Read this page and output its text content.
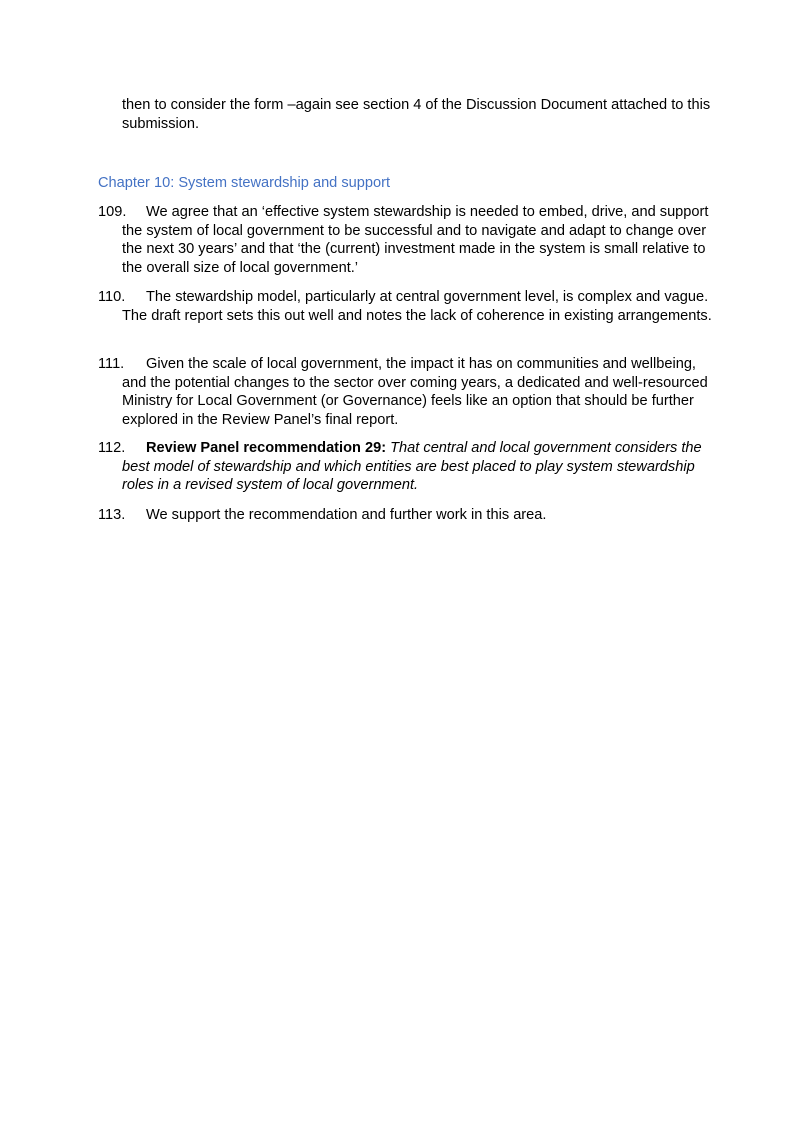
then to consider the form –again see section 4 of the Discussion Document attached to this submission.

Chapter 10: System stewardship and support
109.	We agree that an ‘effective system stewardship is needed to embed, drive, and support the system of local government to be successful and to navigate and adapt to change over the next 30 years’ and that ‘the (current) investment made in the system is small relative to the overall size of local government.’
110.	The stewardship model, particularly at central government level, is complex and vague. The draft report sets this out well and notes the lack of coherence in existing arrangements.
111.	Given the scale of local government, the impact it has on communities and wellbeing, and the potential changes to the sector over coming years, a dedicated and well-resourced Ministry for Local Government (or Governance) feels like an option that should be further explored in the Review Panel’s final report.
112.	Review Panel recommendation 29: That central and local government considers the best model of stewardship and which entities are best placed to play system stewardship roles in a revised system of local government.
113.	We support the recommendation and further work in this area.
